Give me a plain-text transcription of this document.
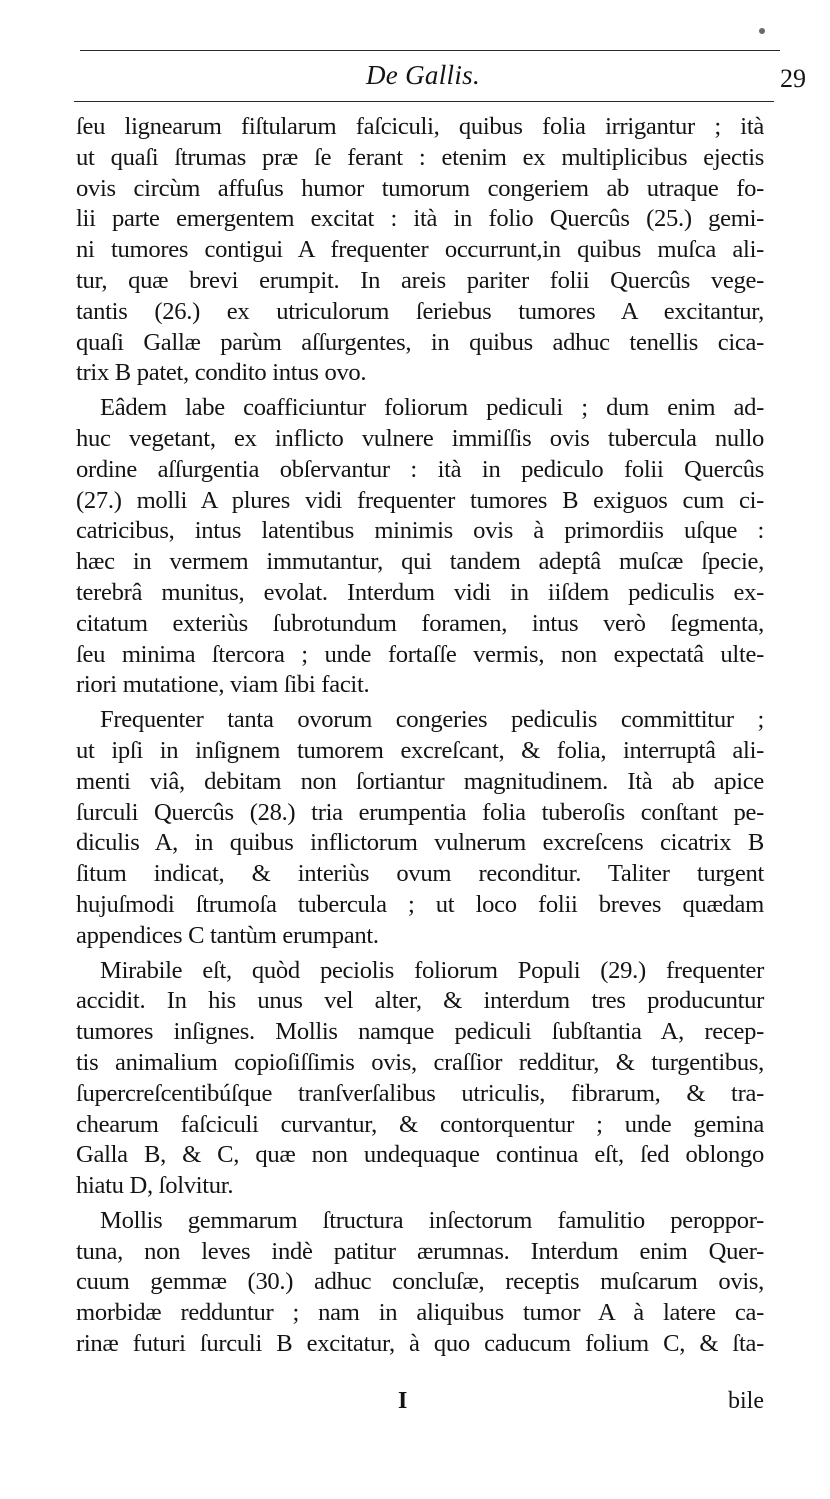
De Gallis.	29
ſeu lignearum fiſtularum faſciculi, quibus folia irrigantur ; ità
ut quaſi ſtrumas præ ſe ferant : etenim ex multiplicibus ejectis
ovis circùm affuſus humor tumorum congeriem ab utraque fo-
lii parte emergentem excitat : ità in folio Quercûs (25.) gemi-
ni tumores contigui A frequenter occurrunt,in quibus muſca ali-
tur, quæ brevi erumpit. In areis pariter folii Quercûs vege-
tantis (26.) ex utriculorum ſeriebus tumores A excitantur,
quaſi Gallæ parùm aſſurgentes, in quibus adhuc tenellis cica-
trix B patet, condito intus ovo.
Eâdem labe coafficiuntur foliorum pediculi ; dum enim ad-
huc vegetant, ex inflicto vulnere immiſſis ovis tubercula nullo
ordine aſſurgentia obſervantur : ità in pediculo folii Quercûs
(27.) molli A plures vidi frequenter tumores B exiguos cum ci-
catricibus, intus latentibus minimis ovis à primordiis uſque :
hæc in vermem immutantur, qui tandem adeptâ muſcæ ſpecie,
terebrâ munitus, evolat. Interdum vidi in iiſdem pediculis ex-
citatum exteriùs ſubrotundum foramen, intus verò ſegmenta,
ſeu minima ſtercora ; unde fortaſſe vermis, non expectatâ ulte-
riori mutatione, viam ſibi facit.
Frequenter tanta ovorum congeries pediculis committitur ;
ut ipſi in inſignem tumorem excreſcant, & folia, interruptâ ali-
menti viâ, debitam non ſortiantur magnitudinem. Ità ab apice
ſurculi Quercûs (28.) tria erumpentia folia tuberoſis conſtant pe-
diculis A, in quibus inflictorum vulnerum excreſcens cicatrix B
ſitum indicat, & interiùs ovum reconditur. Taliter turgent
hujuſmodi ſtrumoſa tubercula ; ut loco folii breves quædam
appendices C tantùm erumpant.
Mirabile eſt, quòd peciolis foliorum Populi (29.) frequenter
accidit. In his unus vel alter, & interdum tres producuntur
tumores inſignes. Mollis namque pediculi ſubſtantia A, recep-
tis animalium copioſiſſimis ovis, craſſior redditur, & turgentibus,
ſupercreſcentibúſque tranſverſalibus utriculis, fibrarum, & tra-
chearum faſciculi curvantur, & contorquentur ; unde gemina
Galla B, & C, quæ non undequaque continua eſt, ſed oblongo
hiatu D, ſolvitur.
Mollis gemmarum ſtructura inſectorum famulitio peroppor-
tuna, non leves indè patitur ærumnas. Interdum enim Quer-
cuum gemmæ (30.) adhuc concluſæ, receptis muſcarum ovis,
morbidæ redduntur ; nam in aliquibus tumor A à latere ca-
rinæ futuri ſurculi B excitatur, à quo caducum folium C, & ſta-
I	bile
